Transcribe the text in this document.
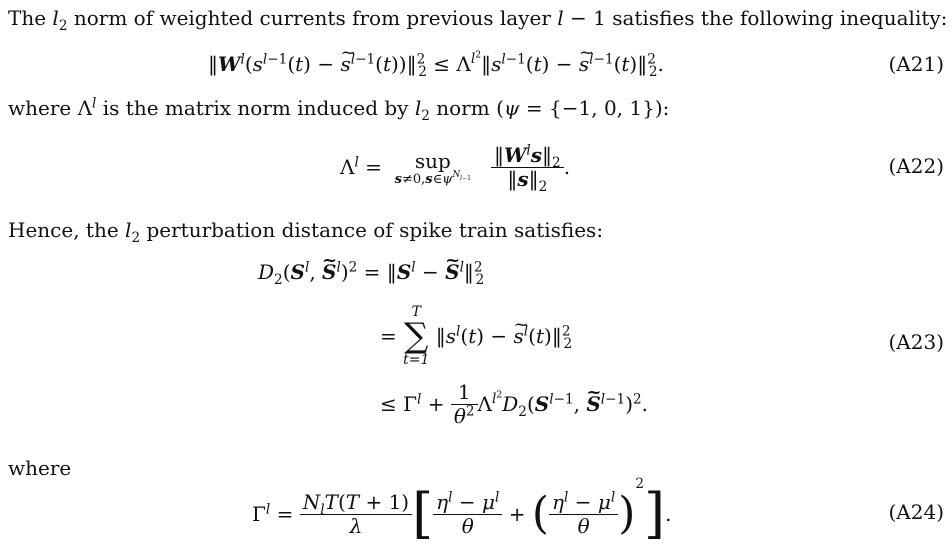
The $l_2$ norm of weighted currents from previous layer l − 1 satisfies the following inequality:
$‖W^l(s^{l-1}(t) - s$ ~$^{l-1}$(t))‖$^2_2$ ≤ $\Lambda^{l^2}‖s^{l-1}(t) - s$ ~$^{l-1}$(t)‖$^2_2$.	(A21)
where $\Lambda^l$ is the matrix norm induced by $l_2$ norm (ψ = {−1, 0, 1}):
$\Lambda^l$ =	sup
$s\ne 0,s\in\psi^{N_{l-1}} \frac{‖W^ls‖_2}{‖s‖_2}$ .	(A22)
Hence, the $l_2$ perturbation distance of spike train satisfies:
$D_2(S^l$, S ~$^l$)$^2$ = $‖S^l - S$ ~$^l$‖$^2_2$
=
T
∑
t=1
$‖s^l(t) - s$ ~$^l$(t)‖$^2_2$	(A23)
≤ $\Gamma^l + \frac{1}{\theta^2} \Lambda^{l^2}D_2(S^{l-1}$, S ~$^{l-1}$)$^2$.
where
$\Gamma^l = \frac{N_lT(T + 1)}{\lambda}$ [ $\frac{\eta^l - \mu^l}{\theta}$ + ( $\frac{\eta^l - \mu^l}{\theta}$ )
2 ] .	(A24)
